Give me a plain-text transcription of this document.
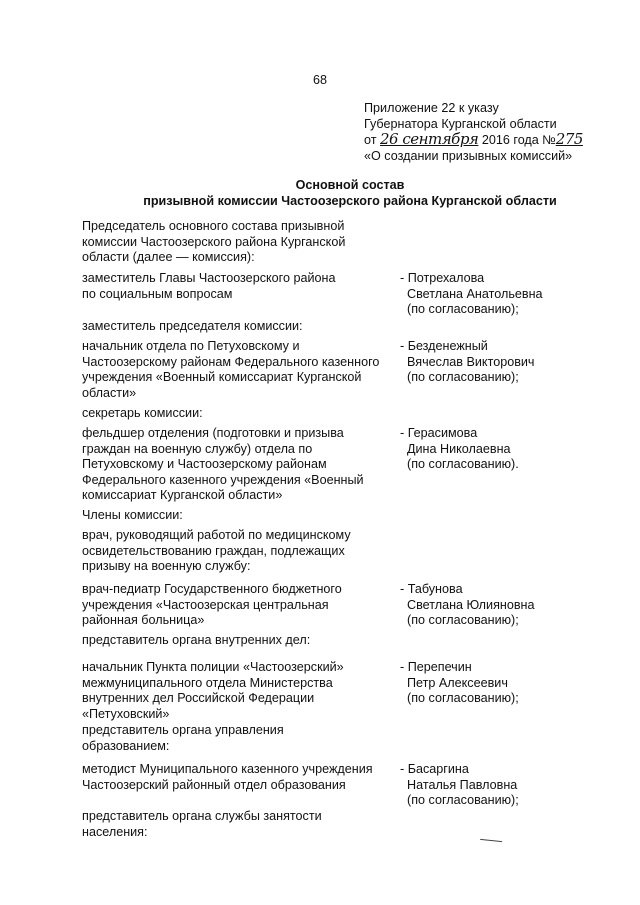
68
Приложение 22 к указу
Губернатора Курганской области
от 26 сентября 2016 года №275
«О создании призывных комиссий»
Основной состав
призывной комиссии Частоозерского района Курганской области
Председатель основного состава призывной
комиссии Частоозерского района Курганской
области (далее — комиссия):
заместитель Главы Частоозерского района
по социальным вопросам
- Потрехалова
Светлана Анатольевна
(по согласованию);
заместитель председателя комиссии:
начальник отдела по Петуховскому и
Частоозерскому районам Федерального казенного
учреждения «Военный комиссариат Курганской
области»
- Безденежный
Вячеслав Викторович
(по согласованию);
секретарь комиссии:
фельдшер отделения (подготовки и призыва
граждан на военную службу) отдела по
Петуховскому и Частоозерскому районам
Федерального казенного учреждения «Военный
комиссариат Курганской области»
- Герасимова
Дина Николаевна
(по согласованию).
Члены комиссии:
врач, руководящий работой по медицинскому
освидетельствованию граждан, подлежащих
призыву на военную службу:
врач-педиатр Государственного бюджетного
учреждения «Частоозерская центральная
районная больница»
- Табунова
Светлана Юлияновна
(по согласованию);
представитель органа внутренних дел:
начальник Пункта полиции «Частоозерский»
межмуниципального отдела Министерства
внутренних дел Российской Федерации
«Петуховский»
- Перепечин
Петр Алексеевич
(по согласованию);
представитель органа управления
образованием:
методист Муниципального казенного учреждения
Частоозерский районный отдел образования
- Басаргина
Наталья Павловна
(по согласованию);
представитель органа службы занятости
населения:
